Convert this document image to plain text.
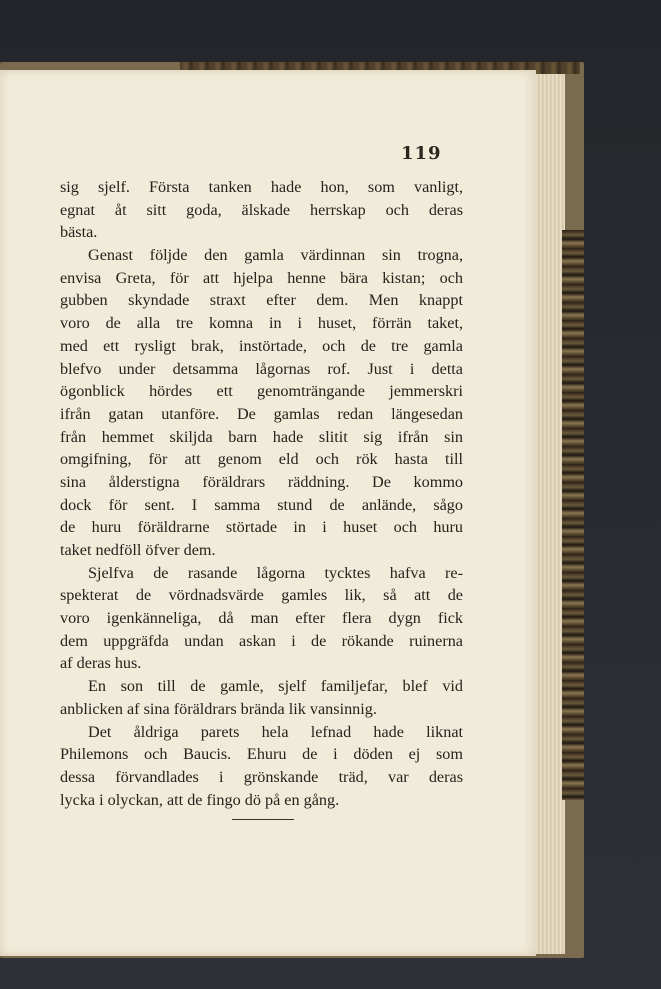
119
sig sjelf. Första tanken hade hon, som vanligt,
egnat åt sitt goda, älskade herrskap och deras
bästa.
Genast följde den gamla värdinnan sin trogna,
envisa Greta, för att hjelpa henne bära kistan; och
gubben skyndade straxt efter dem. Men knappt
voro de alla tre komna in i huset, förrän taket,
med ett rysligt brak, instörtade, och de tre gamla
blefvo under detsamma lågornas rof. Just i detta
ögonblick hördes ett genomträngande jemmerskri
ifrån gatan utanföre. De gamlas redan längesedan
från hemmet skiljda barn hade slitit sig ifrån sin
omgifning, för att genom eld och rök hasta till
sina ålderstigna föräldrars räddning. De kommo
dock för sent. I samma stund de anlände, sågo
de huru föräldrarne störtade in i huset och huru
taket nedföll öfver dem.
Sjelfva de rasande lågorna tycktes hafva re-
spekterat de vördnadsvärde gamles lik, så att de
voro igenkänneliga, då man efter flera dygn fick
dem uppgräfda undan askan i de rökande ruinerna
af deras hus.
En son till de gamle, sjelf familjefar, blef vid
anblicken af sina föräldrars brända lik vansinnig.
Det åldriga parets hela lefnad hade liknat
Philemons och Baucis. Ehuru de i döden ej som
dessa förvandlades i grönskande träd, var deras
lycka i olyckan, att de fingo dö på en gång.
